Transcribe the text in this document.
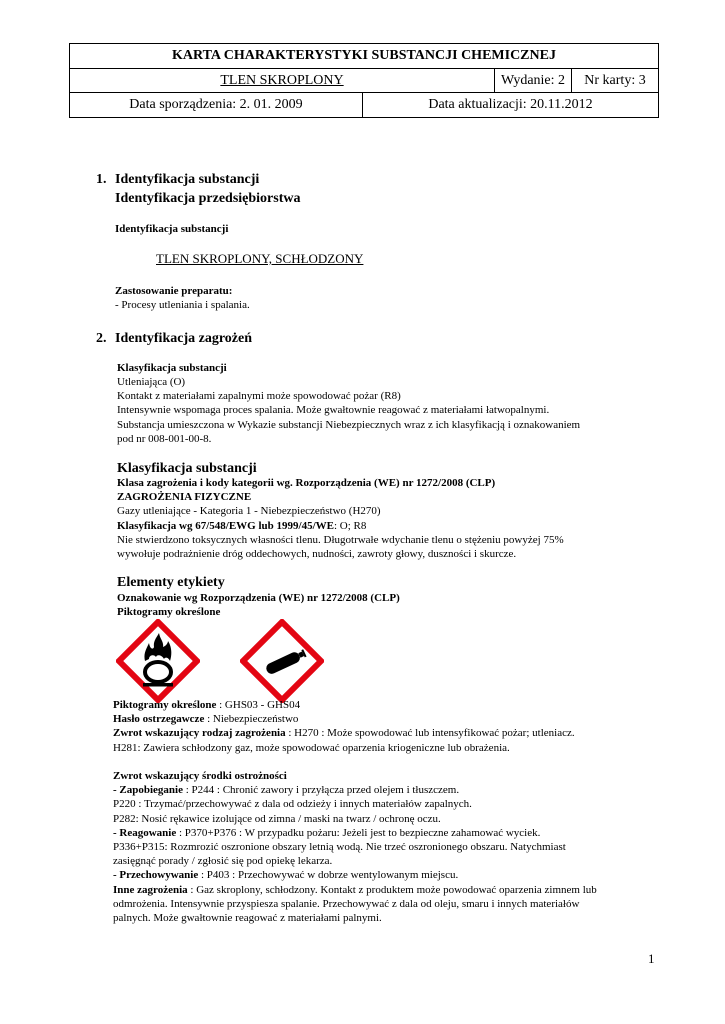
KARTA CHARAKTERYSTYKI SUBSTANCJI CHEMICZNEJ
TLEN SKROPLONY	Wydanie: 2	Nr karty: 3
Data sporządzenia: 2. 01. 2009	Data aktualizacji: 20.11.2012
1. Identyfikacja substancji
Identyfikacja przedsiębiorstwa
Identyfikacja substancji
TLEN SKROPLONY, SCHŁODZONY
Zastosowanie preparatu:
- Procesy utleniania i spalania.
2. Identyfikacja zagrożeń
Klasyfikacja substancji
Utleniająca (O)
Kontakt z materiałami zapalnymi może spowodować pożar (R8)
Intensywnie wspomaga proces spalania. Może gwałtownie reagować z materiałami łatwopalnymi.
Substancja umieszczona w Wykazie substancji Niebezpiecznych wraz z ich klasyfikacją i oznakowaniem
pod nr 008-001-00-8.
Klasyfikacja substancji
Klasa zagrożenia i kody kategorii wg. Rozporządzenia (WE) nr 1272/2008 (CLP)
ZAGROŻENIA FIZYCZNE
Gazy utleniające - Kategoria 1 - Niebezpieczeństwo (H270)
Klasyfikacja wg 67/548/EWG lub 1999/45/WE: O; R8
Nie stwierdzono toksycznych własności tlenu. Długotrwałe wdychanie tlenu o stężeniu powyżej 75%
wywołuje podrażnienie dróg oddechowych, nudności, zawroty głowy, duszności i skurcze.
Elementy etykiety
Oznakowanie wg Rozporządzenia (WE) nr 1272/2008 (CLP)
Piktogramy określone
Piktogramy określone : GHS03 - GHS04
Hasło ostrzegawcze : Niebezpieczeństwo
Zwrot wskazujący rodzaj zagrożenia : H270 : Może spowodować lub intensyfikować pożar; utleniacz.
H281: Zawiera schłodzony gaz, może spowodować oparzenia kriogeniczne lub obrażenia.
Zwrot wskazujący środki ostrożności
- Zapobieganie : P244 : Chronić zawory i przyłącza przed olejem i tłuszczem.
P220 : Trzymać/przechowywać z dala od odzieży i innych materiałów zapalnych.
P282: Nosić rękawice izolujące od zimna / maski na twarz / ochronę oczu.
- Reagowanie : P370+P376 : W przypadku pożaru: Jeżeli jest to bezpieczne zahamować wyciek.
P336+P315: Rozmrozić oszronione obszary letnią wodą. Nie trzeć oszronionego obszaru. Natychmiast
zasięgnąć porady / zgłosić się pod opiekę lekarza.
- Przechowywanie : P403 : Przechowywać w dobrze wentylowanym miejscu.
Inne zagrożenia : Gaz skroplony, schłodzony. Kontakt z produktem może powodować oparzenia zimnem lub
odmrożenia. Intensywnie przyspiesza spalanie. Przechowywać z dala od oleju, smaru i innych materiałów
palnych. Może gwałtownie reagować z materiałami palnymi.
1
